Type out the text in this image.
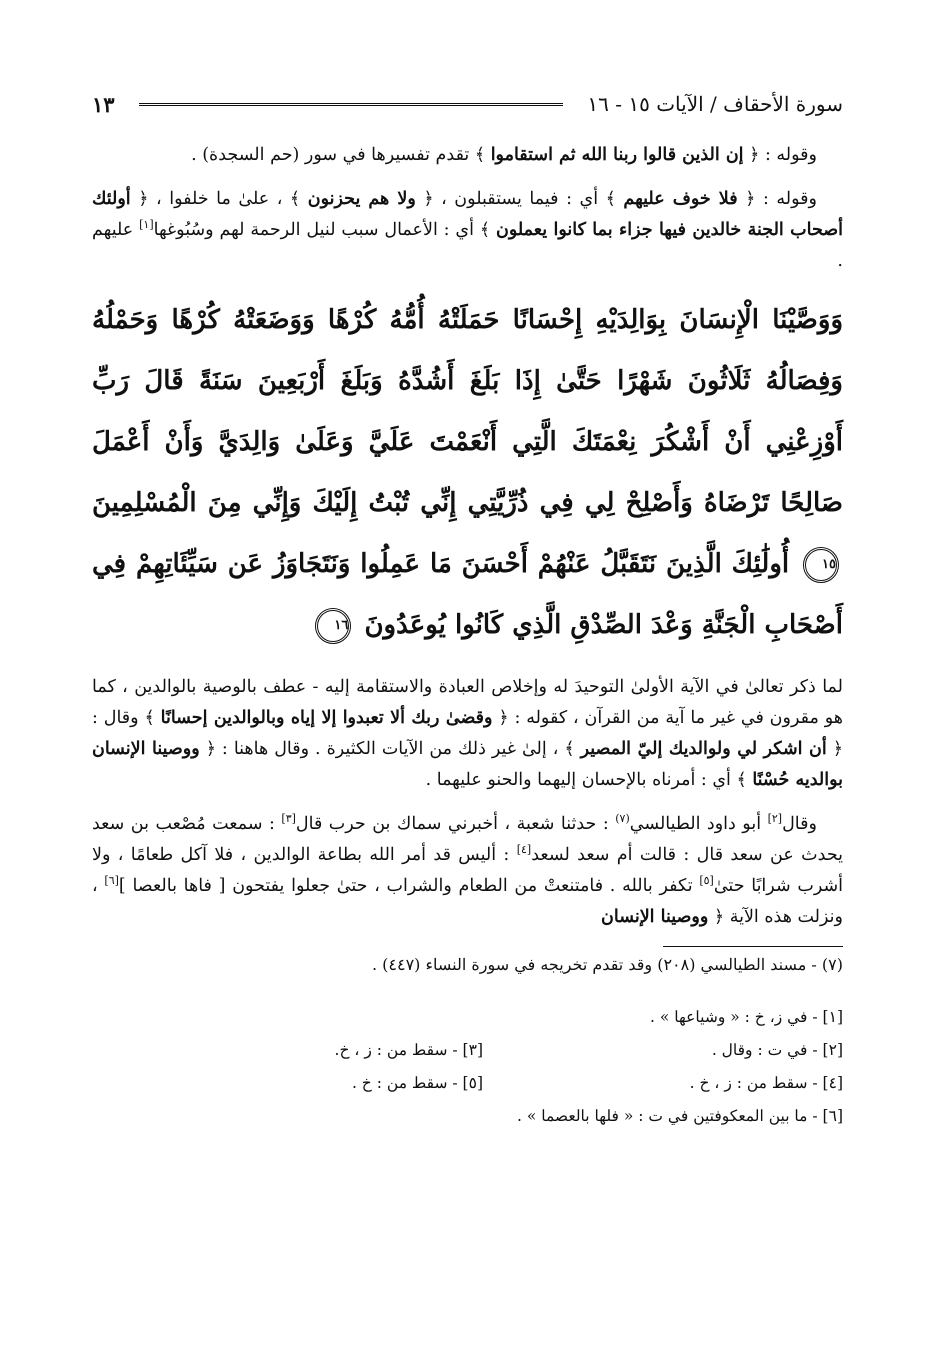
سورة الأحقاف / الآيات ١٥ - ١٦
١٣

وقوله : ﴿ إن الذين قالوا ربنا الله ثم استقاموا ﴾ تقدم تفسيرها في سور (حم السجدة) .

وقوله : ﴿ فلا خوف عليهم ﴾ أي : فيما يستقبلون ، ﴿ ولا هم يحزنون ﴾ ، علىٰ ما خلفوا ، ﴿ أولئك أصحاب الجنة خالدين فيها جزاء بما كانوا يعملون ﴾ أي : الأعمال سبب لنيل الرحمة لهم وسُبُوغها[١] عليهم .

وَوَصَّيْنَا الْإِنسَانَ بِوَالِدَيْهِ إِحْسَانًا حَمَلَتْهُ أُمُّهُ كُرْهًا وَوَضَعَتْهُ كُرْهًا وَحَمْلُهُ وَفِصَالُهُ ثَلَاثُونَ شَهْرًا حَتَّىٰ إِذَا بَلَغَ أَشُدَّهُ وَبَلَغَ أَرْبَعِينَ سَنَةً قَالَ رَبِّ أَوْزِعْنِي أَنْ أَشْكُرَ نِعْمَتَكَ الَّتِي أَنْعَمْتَ عَلَيَّ وَعَلَىٰ وَالِدَيَّ وَأَنْ أَعْمَلَ صَالِحًا تَرْضَاهُ وَأَصْلِحْ لِي فِي ذُرِّيَّتِي إِنِّي تُبْتُ إِلَيْكَ وَإِنِّي مِنَ الْمُسْلِمِينَ ١٥ أُولَٰئِكَ الَّذِينَ نَتَقَبَّلُ عَنْهُمْ أَحْسَنَ مَا عَمِلُوا وَنَتَجَاوَزُ عَن سَيِّئَاتِهِمْ فِي أَصْحَابِ الْجَنَّةِ وَعْدَ الصِّدْقِ الَّذِي كَانُوا يُوعَدُونَ ١٦

لما ذكر تعالىٰ في الآية الأولىٰ التوحيدَ له وإخلاص العبادة والاستقامة إليه - عطف بالوصية بالوالدين ، كما هو مقرون في غير ما آية من القرآن ، كقوله : ﴿ وقضىٰ ربك ألا تعبدوا إلا إياه وبالوالدين إحسانًا ﴾ وقال : ﴿ أن اشكر لي ولوالديك إليّ المصير ﴾ ، إلىٰ غير ذلك من الآيات الكثيرة . وقال هاهنا : ﴿ ووصينا الإنسان بوالديه حُسْنًا ﴾ أي : أمرناه بالإحسان إليهما والحنو عليهما .

وقال[٢] أبو داود الطيالسي$^{(٧)}$ : حدثنا شعبة ، أخبرني سماك بن حرب قال[٣] : سمعت مُصْعب بن سعد يحدث عن سعد قال : قالت أم سعد لسعد[٤] : أليس قد أمر الله بطاعة الوالدين ، فلا آكل طعامًا ، ولا أشرب شرابًا حتىٰ[٥] تكفر بالله . فامتنعتْ من الطعام والشراب ، حتىٰ جعلوا يفتحون [ فاها بالعصا ][٦] ، ونزلت هذه الآية ﴿ ووصينا الإنسان

(٧) - مسند الطيالسي (٢٠٨) وقد تقدم تخريجه في سورة النساء (٤٤٧) .

[١] - في ز، خ : « وشياعها » .
[٢] - في ت : وقال .
[٣] - سقط من : ز ، خ.
[٤] - سقط من : ز ، خ .
[٥] - سقط من : خ .
[٦] - ما بين المعكوفتين في ت : « فلها بالعصما » .
